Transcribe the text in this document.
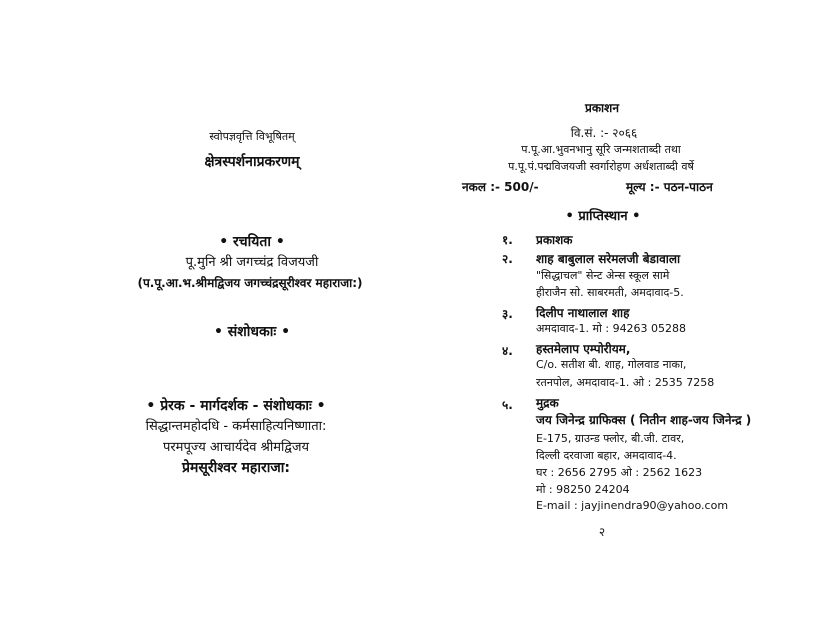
स्वोपज्ञवृत्ति विभूषितम्
क्षेत्रस्पर्शनाप्रकरणम्
• रचयिता •
पू.मुनि श्री जगच्चंद्र विजयजी
(प.पू.आ.भ.श्रीमद्विजय जगच्चंद्रसूरीश्वर महाराजा:)
• संशोधकाः •
• प्रेरक - मार्गदर्शक - संशोधकाः •
सिद्धान्तमहोदधि - कर्मसाहित्यनिष्णाता:
परमपूज्य आचार्यदेव श्रीमद्विजय
प्रेमसूरीश्वर महाराजा:
प्रकाशन
वि.सं. :- २०६६
प.पू.आ.भुवनभानु सूरि जन्मशताब्दी तथा
प.पू.पं.पद्मविजयजी स्वर्गारोहण अर्धशताब्दी वर्षे
नकल :- 500/-	मूल्य :- पठन-पाठन
• प्राप्तिस्थान •
१. प्रकाशक
२. शाह बाबुलाल सरेमलजी बेडावाला
"सिद्धाचल" सेन्ट अेन्स स्कूल सामे
हीराजैन सो. साबरमती, अमदावाद-5.
३. दिलीप नाथालाल शाह
अमदावाद-1. मो : 94263 05288
४. हस्तमेलाप एम्पोरीयम,
C/o. सतीश बी. शाह, गोलवाड नाका,
रतनपोल, अमदावाद-1. ओ : 2535 7258
५. मुद्रक
जय जिनेन्द्र ग्राफिक्स ( नितीन शाह-जय जिनेन्द्र )
E-175, ग्राउन्ड फ्लोर, बी.जी. टावर,
दिल्ली दरवाजा बहार, अमदावाद-4.
घर : 2656 2795 ओ : 2562 1623
मो : 98250 24204
E-mail : jayjinendra90@yahoo.com
२
